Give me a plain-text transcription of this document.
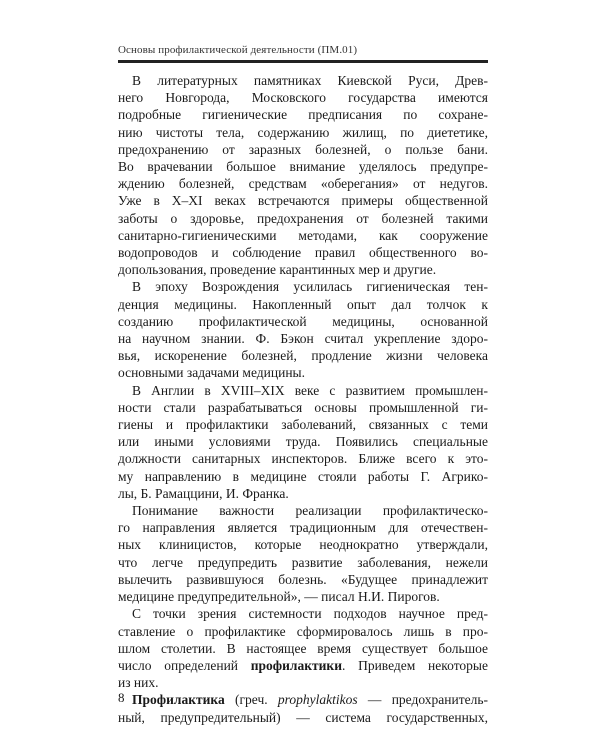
Основы профилактической деятельности (ПМ.01)
В литературных памятниках Киевской Руси, Древ-
него Новгорода, Московского государства имеются
подробные гигиенические предписания по сохране-
нию чистоты тела, содержанию жилищ, по диететике,
предохранению от заразных болезней, о пользе бани.
Во врачевании большое внимание уделялось предупре-
ждению болезней, средствам «оберегания» от недугов.
Уже в X–XI веках встречаются примеры общественной
заботы о здоровье, предохранения от болезней такими
санитарно-гигиеническими методами, как сооружение
водопроводов и соблюдение правил общественного во-
допользования, проведение карантинных мер и другие.
В эпоху Возрождения усилилась гигиеническая тен-
денция медицины. Накопленный опыт дал толчок к
созданию профилактической медицины, основанной
на научном знании. Ф. Бэкон считал укрепление здоро-
вья, искоренение болезней, продление жизни человека
основными задачами медицины.
В Англии в XVIII–XIX веке с развитием промышлен-
ности стали разрабатываться основы промышленной ги-
гиены и профилактики заболеваний, связанных с теми
или иными условиями труда. Появились специальные
должности санитарных инспекторов. Ближе всего к это-
му направлению в медицине стояли работы Г. Агрико-
лы, Б. Рамаццини, И. Франка.
Понимание важности реализации профилактическо-
го направления является традиционным для отечествен-
ных клиницистов, которые неоднократно утверждали,
что легче предупредить развитие заболевания, нежели
вылечить развившуюся болезнь. «Будущее принадлежит
медицине предупредительной», — писал Н.И. Пирогов.
С точки зрения системности подходов научное пред-
ставление о профилактике сформировалось лишь в про-
шлом столетии. В настоящее время существует большое
число определений профилактики. Приведем некоторые
из них.
Профилактика (греч. prophylaktikos — предохранитель-
ный, предупредительный) — система государственных,
8
